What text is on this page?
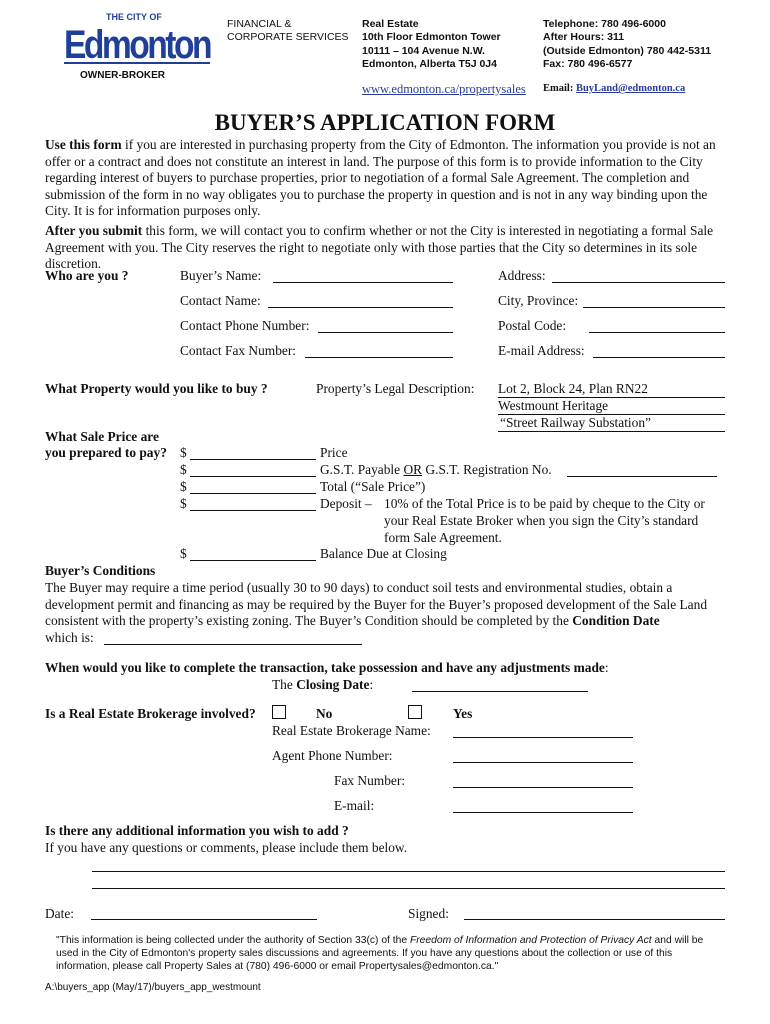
THE CITY OF
Edmonton
OWNER-BROKER
FINANCIAL &
CORPORATE SERVICES
Real Estate
10th Floor Edmonton Tower
10111 – 104 Avenue N.W.
Edmonton, Alberta T5J 0J4
Telephone: 780 496-6000
After Hours: 311
(Outside Edmonton) 780 442-5311
Fax: 780 496-6577
www.edmonton.ca/propertysales Email: BuyLand@edmonton.ca
BUYER’S APPLICATION FORM

Use this form if you are interested in purchasing property from the City of Edmonton. The information you provide is not an offer or a contract and does not constitute an interest in land. The purpose of this form is to provide information to the City regarding interest of buyers to purchase properties, prior to negotiation of a formal Sale Agreement. The completion and submission of the form in no way obligates you to purchase the property in question and is not in any way binding upon the City. It is for information purposes only.

After you submit this form, we will contact you to confirm whether or not the City is interested in negotiating a formal Sale Agreement with you. The City reserves the right to negotiate only with those parties that the City so determines in its sole discretion.

Who are you ?	Buyer’s Name:
Contact Name:
Contact Phone Number:
Contact Fax Number:
Address:
City, Province:
Postal Code:
E-mail Address:
What Property would you like to buy ?	Property’s Legal Description: Lot 2, Block 24, Plan RN22
Westmount Heritage
“Street Railway Substation”
What Sale Price are
you prepared to pay? $	Price
$	G.S.T. Payable OR G.S.T. Registration No.
$	Total (“Sale Price”)
$	Deposit – 10% of the Total Price is to be paid by cheque to the City or
your Real Estate Broker when you sign the City’s standard
form Sale Agreement.
$	Balance Due at Closing
Buyer’s Conditions

The Buyer may require a time period (usually 30 to 90 days) to conduct soil tests and environmental studies, obtain a development permit and financing as may be required by the Buyer for the Buyer’s proposed development of the Sale Land consistent with the property’s existing zoning. The Buyer’s Condition should be completed by the Condition Date

which is:
When would you like to complete the transaction, take possession and have any adjustments made:
The Closing Date:
Is a Real Estate Brokerage involved?	No	Yes
Real Estate Brokerage Name:
Agent Phone Number:
Fax Number:
E-mail:
Is there any additional information you wish to add ?
If you have any questions or comments, please include them below.
Date:	Signed:

"This information is being collected under the authority of Section 33(c) of the Freedom of Information and Protection of Privacy Act and will be used in the City of Edmonton's property sales discussions and agreements. If you have any questions about the collection or use of this information, please call Property Sales at (780) 496-6000 or email Propertysales@edmonton.ca."

A:\buyers_app (May/17)/buyers_app_westmount
